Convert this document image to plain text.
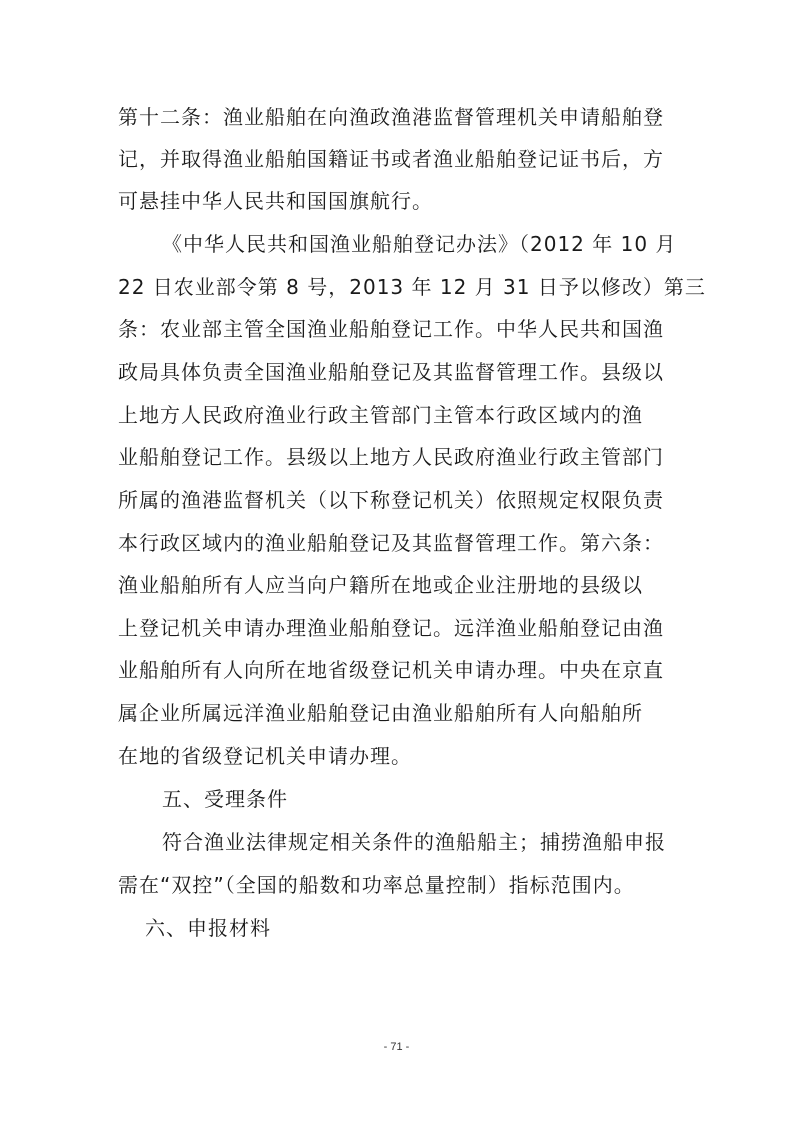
第十二条：渔业船舶在向渔政渔港监督管理机关申请船舶登
记，并取得渔业船舶国籍证书或者渔业船舶登记证书后，方
可悬挂中华人民共和国国旗航行。
《中华人民共和国渔业船舶登记办法》（2012 年 10 月
22 日农业部令第 8 号，2013 年 12 月 31 日予以修改）第三
条：农业部主管全国渔业船舶登记工作。中华人民共和国渔
政局具体负责全国渔业船舶登记及其监督管理工作。县级以
上地方人民政府渔业行政主管部门主管本行政区域内的渔
业船舶登记工作。县级以上地方人民政府渔业行政主管部门
所属的渔港监督机关（以下称登记机关）依照规定权限负责
本行政区域内的渔业船舶登记及其监督管理工作。第六条：
渔业船舶所有人应当向户籍所在地或企业注册地的县级以
上登记机关申请办理渔业船舶登记。远洋渔业船舶登记由渔
业船舶所有人向所在地省级登记机关申请办理。中央在京直
属企业所属远洋渔业船舶登记由渔业船舶所有人向船舶所
在地的省级登记机关申请办理。
五、受理条件
符合渔业法律规定相关条件的渔船船主；捕捞渔船申报
需在“双控”（全国的船数和功率总量控制）指标范围内。
六、申报材料
- 71 -
